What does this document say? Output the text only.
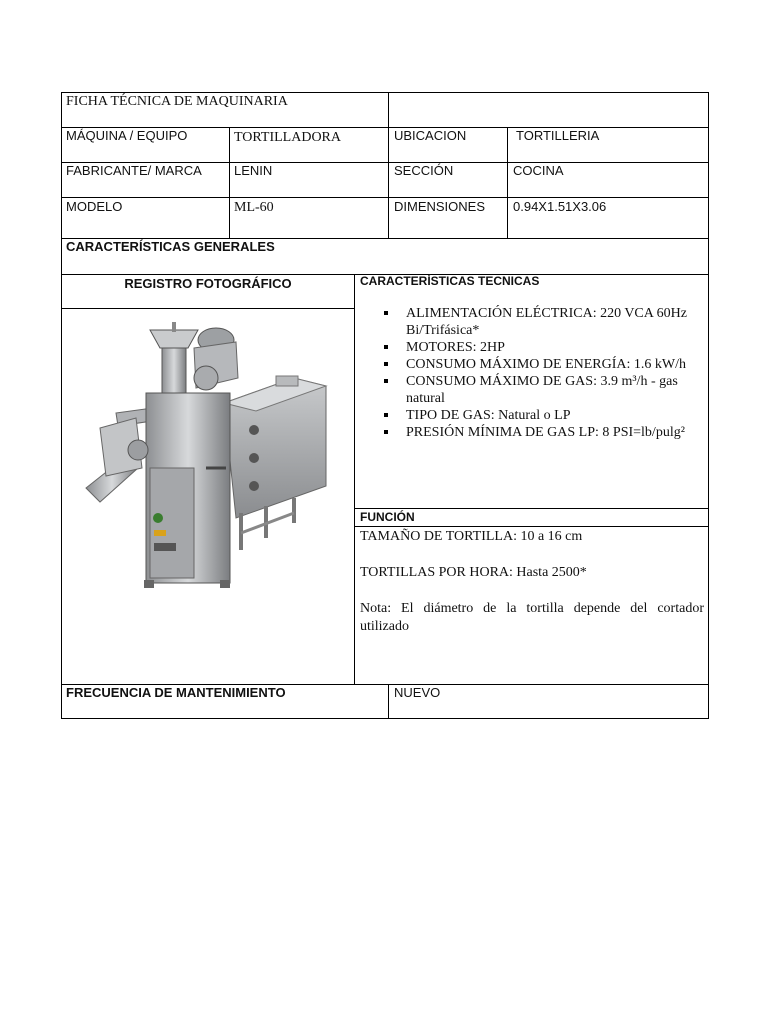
FICHA TÉCNICA DE MAQUINARIA
MÁQUINA / EQUIPO	TORTILLADORA	UBICACION	TORTILLERIA
FABRICANTE/ MARCA LENIN	SECCIÓN	COCINA
MODELO	ML-60	DIMENSIONES 0.94X1.51X3.06
CARACTERÍSTICAS GENERALES
REGISTRO FOTOGRÁFICO	CARACTERÍSTICAS TECNICAS
ALIMENTACIÓN ELÉCTRICA: 220 VCA 60Hz Bi/Trifásica*
MOTORES: 2HP
CONSUMO MÁXIMO DE ENERGÍA: 1.6 kW/h
CONSUMO MÁXIMO DE GAS: 3.9 m³/h - gas natural
TIPO DE GAS: Natural o LP
PRESIÓN MÍNIMA DE GAS LP: 8 PSI=lb/pulg²
FUNCIÓN

TAMAÑO DE TORTILLA: 10 a 16 cm

TORTILLAS POR HORA: Hasta 2500*

Nota: El diámetro de la tortilla depende del cortador utilizado

FRECUENCIA DE MANTENIMIENTO	NUEVO
